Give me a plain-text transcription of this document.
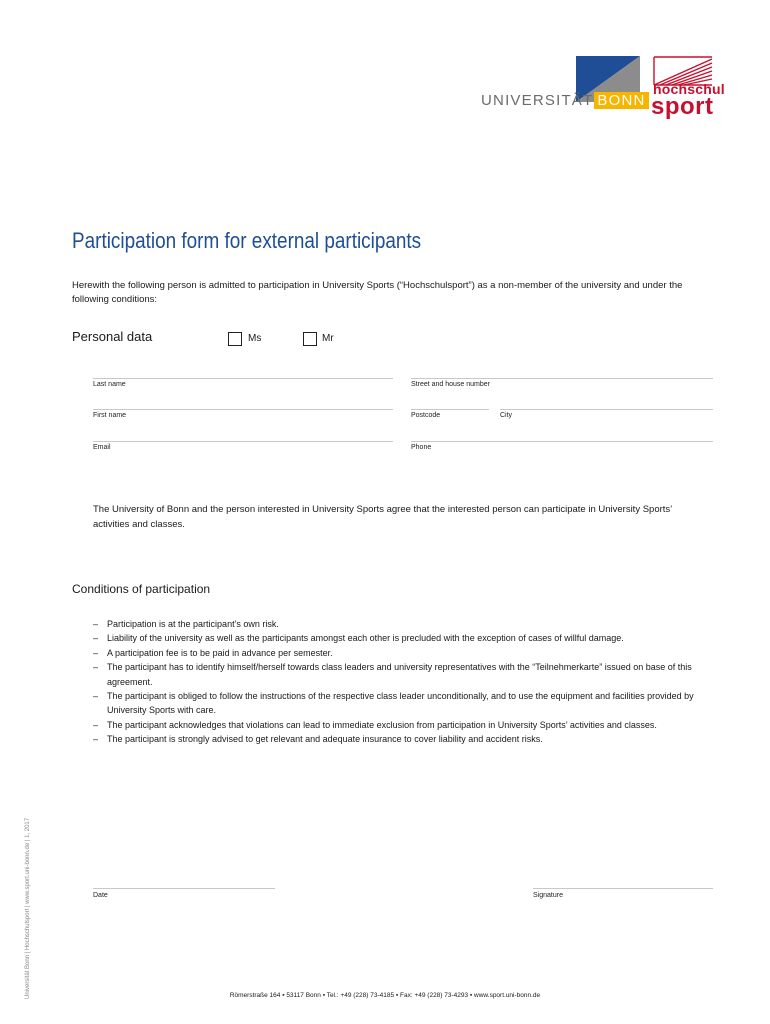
UNIVERSITÄT BONN
hochschul
sport
Participation form for external participants
Herewith the following person is admitted to participation in University Sports (“Hochschulsport”) as a non-member of the university and under the following conditions:
Personal data	Ms	Mr
Last name	Street and house number
First name	Postcode	City
Email	Phone
The University of Bonn and the person interested in University Sports agree that the interested person can participate in University Sports’ activities and classes.
Conditions of participation
– Participation is at the participant’s own risk.
– Liability of the university as well as the participants amongst each other is precluded with the exception of cases of willful damage.
– A participation fee is to be paid in advance per semester.
– The participant has to identify himself/herself towards class leaders and university representatives with the “Teilnehmerkarte” issued on base of this agreement.
– The participant is obliged to follow the instructions of the respective class leader unconditionally, and to use the equipment and facilities provided by University Sports with care.
– The participant acknowledges that violations can lead to immediate exclusion from participation in University Sports’ activities and classes.
– The participant is strongly advised to get relevant and adequate insurance to cover liability and accident risks.
Date	Signature
Universität Bonn | Hochschulsport | www.sport.uni-bonn.de | 1, 2017	Römerstraße 164 ▪ 53117 Bonn ▪ Tel.: +49 (228) 73-4185 ▪ Fax: +49 (228) 73-4293 ▪ www.sport.uni-bonn.de
